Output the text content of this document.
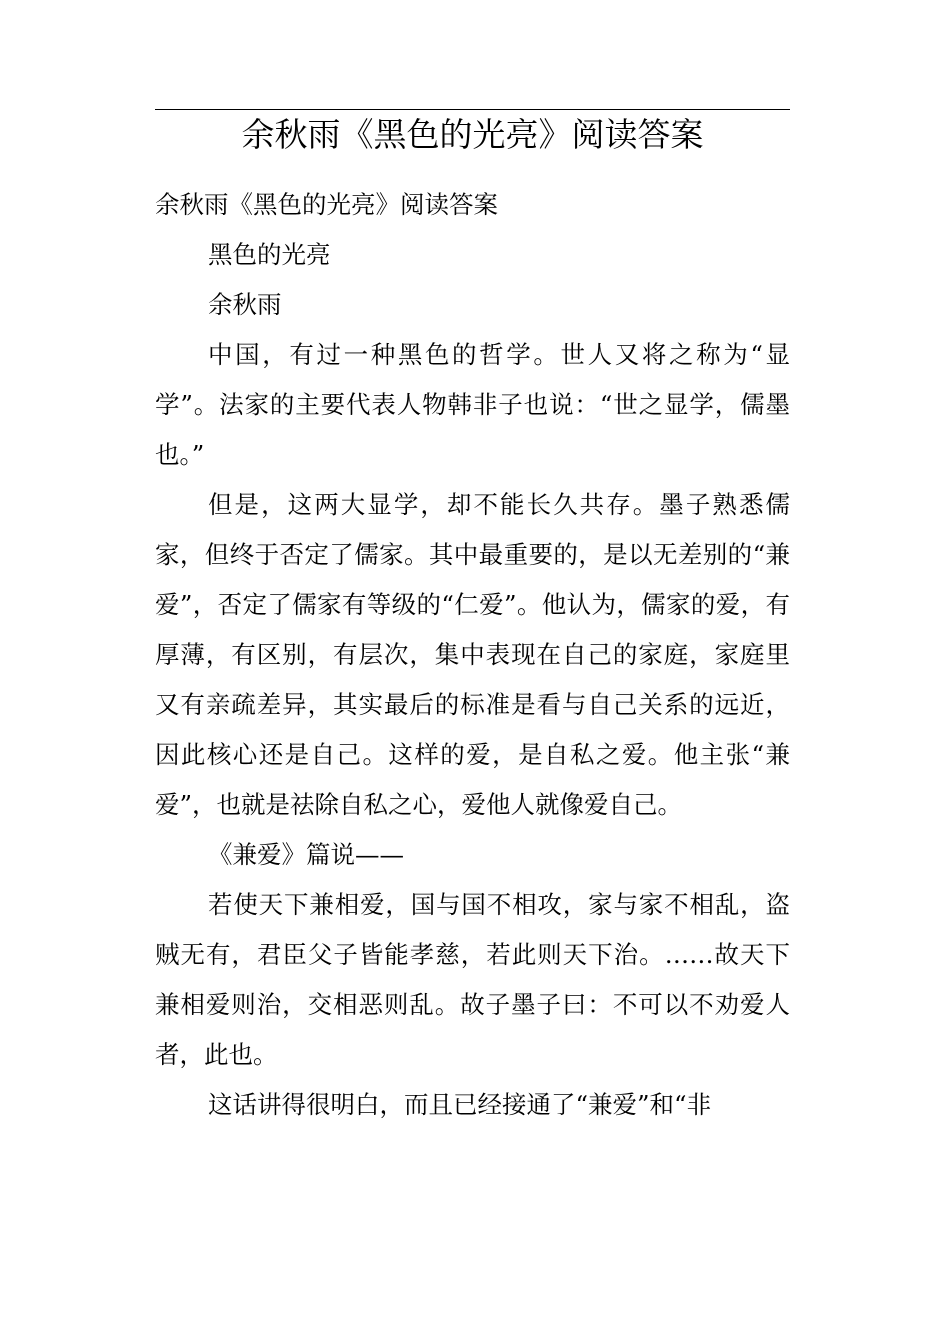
余秋雨《黑色的光亮》阅读答案

余秋雨《黑色的光亮》阅读答案

黑色的光亮

余秋雨

中国，有过一种黑色的哲学。世人又将之称为“显学”。法家的主要代表人物韩非子也说：“世之显学，儒墨也。”

但是，这两大显学，却不能长久共存。墨子熟悉儒家，但终于否定了儒家。其中最重要的，是以无差别的“兼爱”，否定了儒家有等级的“仁爱”。他认为，儒家的爱，有厚薄，有区别，有层次，集中表现在自己的家庭，家庭里又有亲疏差异，其实最后的标准是看与自己关系的远近，因此核心还是自己。这样的爱，是自私之爱。他主张“兼爱”，也就是祛除自私之心，爱他人就像爱自己。

《兼爱》篇说——

若使天下兼相爱，国与国不相攻，家与家不相乱，盗贼无有，君臣父子皆能孝慈，若此则天下治。……故天下兼相爱则治，交相恶则乱。故子墨子曰：不可以不劝爱人者，此也。

这话讲得很明白，而且已经接通了“兼爱”和“非
